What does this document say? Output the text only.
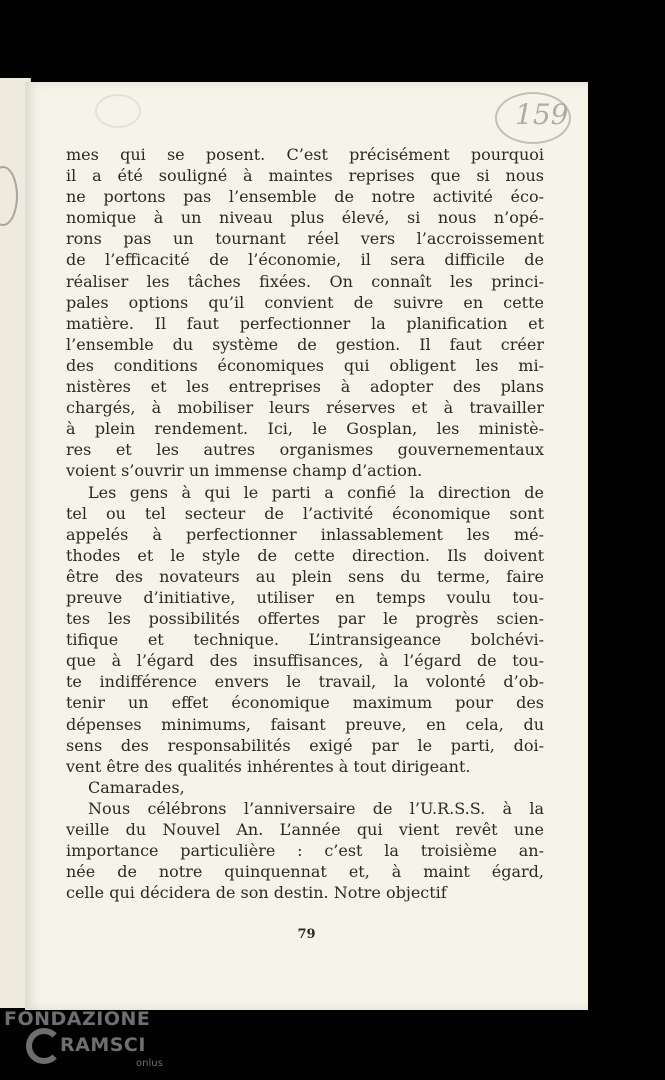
159
mes qui se posent. C’est précisément pourquoi
il a été souligné à maintes reprises que si nous
ne portons pas l’ensemble de notre activité éco-
nomique à un niveau plus élevé, si nous n’opé-
rons pas un tournant réel vers l’accroissement
de l’efficacité de l’économie, il sera difficile de
réaliser les tâches fixées. On connaît les princi-
pales options qu’il convient de suivre en cette
matière. Il faut perfectionner la planification et
l’ensemble du système de gestion. Il faut créer
des conditions économiques qui obligent les mi-
nistères et les entreprises à adopter des plans
chargés, à mobiliser leurs réserves et à travailler
à plein rendement. Ici, le Gosplan, les ministè-
res et les autres organismes gouvernementaux
voient s’ouvrir un immense champ d’action.
Les gens à qui le parti a confié la direction de
tel ou tel secteur de l’activité économique sont
appelés à perfectionner inlassablement les mé-
thodes et le style de cette direction. Ils doivent
être des novateurs au plein sens du terme, faire
preuve d’initiative, utiliser en temps voulu tou-
tes les possibilités offertes par le progrès scien-
tifique et technique. L’intransigeance bolchévi-
que à l’égard des insuffisances, à l’égard de tou-
te indifférence envers le travail, la volonté d’ob-
tenir un effet économique maximum pour des
dépenses minimums, faisant preuve, en cela, du
sens des responsabilités exigé par le parti, doi-
vent être des qualités inhérentes à tout dirigeant.
Camarades,
Nous célébrons l’anniversaire de l’U.R.S.S. à la
veille du Nouvel An. L’année qui vient revêt une
importance particulière : c’est la troisième an-
née de notre quinquennat et, à maint égard,
celle qui décidera de son destin. Notre objectif
79
FONDAZIONE
RAMSCI
onlus
